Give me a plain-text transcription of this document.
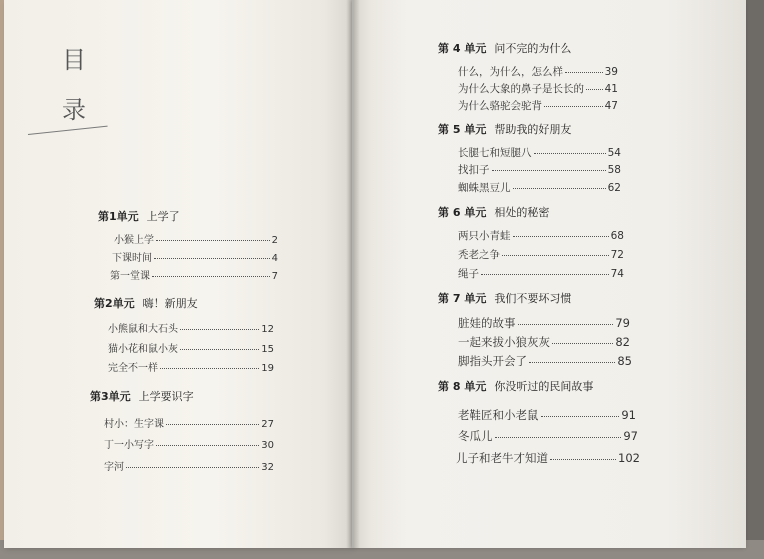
目
录
第1单元 上学了
小猴上学	2
下课时间	4
第一堂课	7
第2单元 嗨！新朋友
小熊鼠和大石头	12
猫小花和鼠小灰	15
完全不一样	19
第3单元 上学要识字
村小：生字课	27
丁一小写字	30
字河	32
第 4 单元 问不完的为什么
什么，为什么，怎么样	39
为什么大象的鼻子是长长的 41
为什么骆驼会驼背	47
第 5 单元 帮助我的好朋友
长腿七和短腿八	54
找扣子	58
蜘蛛黑豆儿	62
第 6 单元 相处的秘密
两只小青蛙	68
秃老之争	72
绳子	74
第 7 单元 我们不要坏习惯
脏娃的故事	79
一起来拔小狼灰灰	82
脚指头开会了	85
第 8 单元 你没听过的民间故事
老鞋匠和小老鼠	91
冬瓜儿	97
儿子和老牛才知道	102
